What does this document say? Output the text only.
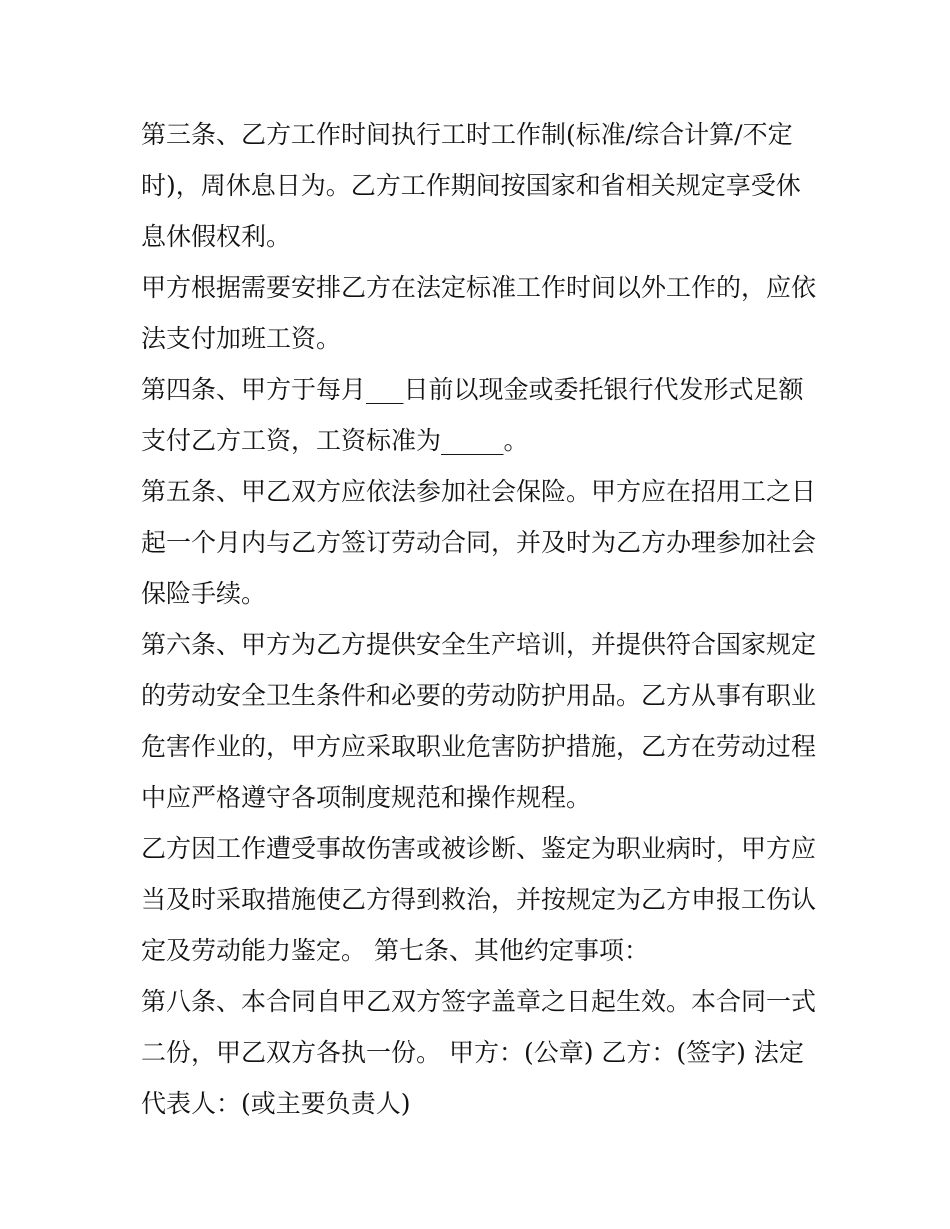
第三条、乙方工作时间执行工时工作制(标准/综合计算/不定
时)，周休息日为。乙方工作期间按国家和省相关规定享受休
息休假权利。
甲方根据需要安排乙方在法定标准工作时间以外工作的，应依
法支付加班工资。
第四条、甲方于每月___日前以现金或委托银行代发形式足额
支付乙方工资，工资标准为_____。
第五条、甲乙双方应依法参加社会保险。甲方应在招用工之日
起一个月内与乙方签订劳动合同，并及时为乙方办理参加社会
保险手续。
第六条、甲方为乙方提供安全生产培训，并提供符合国家规定
的劳动安全卫生条件和必要的劳动防护用品。乙方从事有职业
危害作业的，甲方应采取职业危害防护措施，乙方在劳动过程
中应严格遵守各项制度规范和操作规程。
乙方因工作遭受事故伤害或被诊断、鉴定为职业病时，甲方应
当及时采取措施使乙方得到救治，并按规定为乙方申报工伤认
定及劳动能力鉴定。 第七条、其他约定事项：
第八条、本合同自甲乙双方签字盖章之日起生效。本合同一式
二份，甲乙双方各执一份。 甲方：(公章) 乙方：(签字) 法定
代表人：(或主要负责人)
